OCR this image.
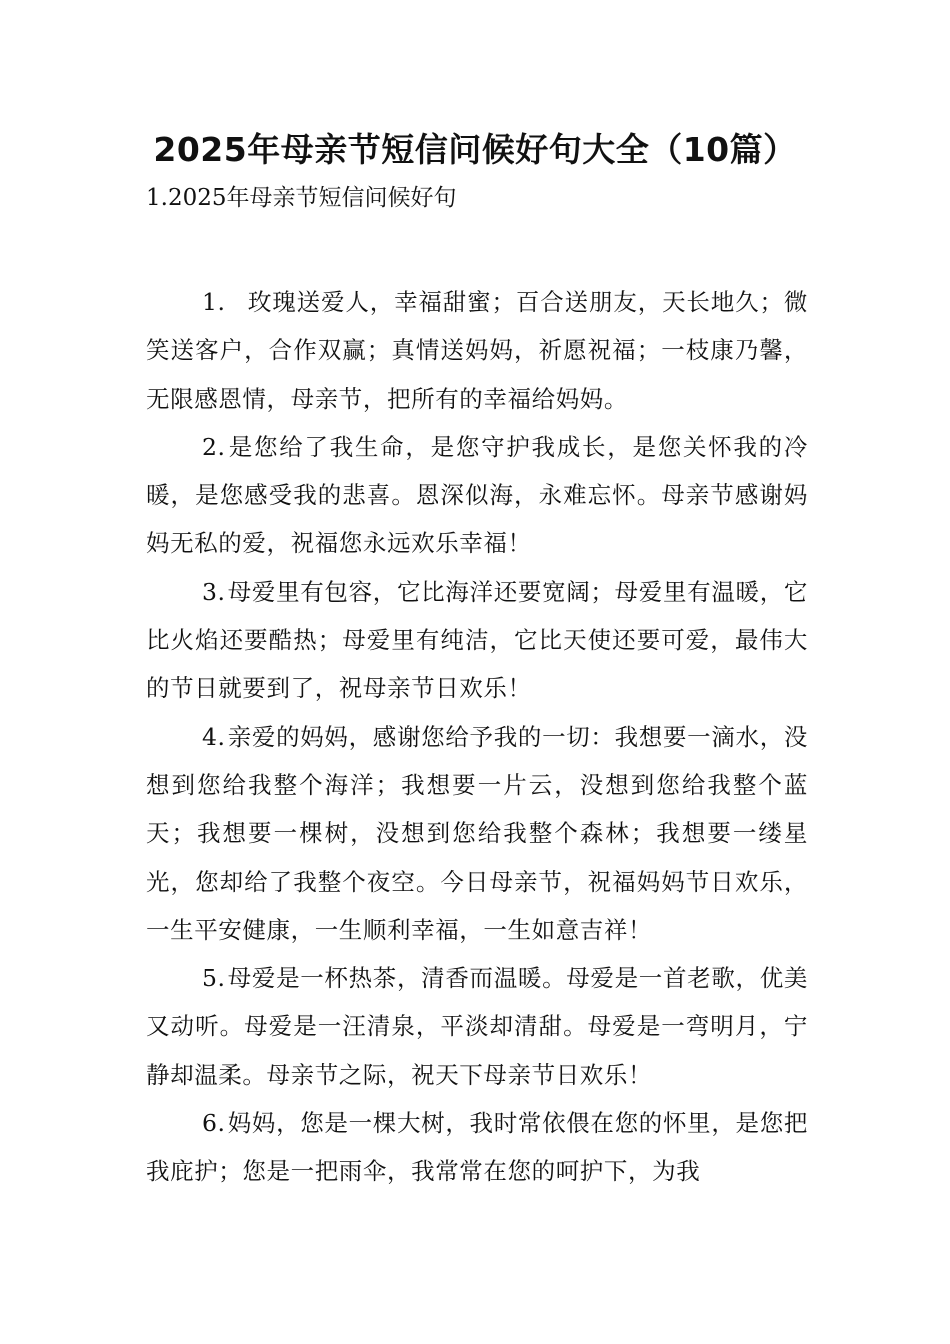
2025年母亲节短信问候好句大全（10篇）

1.2025年母亲节短信问候好句

1. 玫瑰送爱人，幸福甜蜜；百合送朋友，天长地久；微笑送客户，合作双赢；真情送妈妈，祈愿祝福；一枝康乃馨，无限感恩情，母亲节，把所有的幸福给妈妈。

2.是您给了我生命，是您守护我成长，是您关怀我的冷暖，是您感受我的悲喜。恩深似海，永难忘怀。母亲节感谢妈妈无私的爱，祝福您永远欢乐幸福！

3.母爱里有包容，它比海洋还要宽阔；母爱里有温暖，它比火焰还要酷热；母爱里有纯洁，它比天使还要可爱，最伟大的节日就要到了，祝母亲节日欢乐！

4.亲爱的妈妈，感谢您给予我的一切：我想要一滴水，没想到您给我整个海洋；我想要一片云，没想到您给我整个蓝天；我想要一棵树，没想到您给我整个森林；我想要一缕星光，您却给了我整个夜空。今日母亲节，祝福妈妈节日欢乐，一生平安健康，一生顺利幸福，一生如意吉祥！

5.母爱是一杯热茶，清香而温暖。母爱是一首老歌，优美又动听。母爱是一汪清泉，平淡却清甜。母爱是一弯明月，宁静却温柔。母亲节之际，祝天下母亲节日欢乐！

6.妈妈，您是一棵大树，我时常依偎在您的怀里，是您把我庇护；您是一把雨伞，我常常在您的呵护下，为我
